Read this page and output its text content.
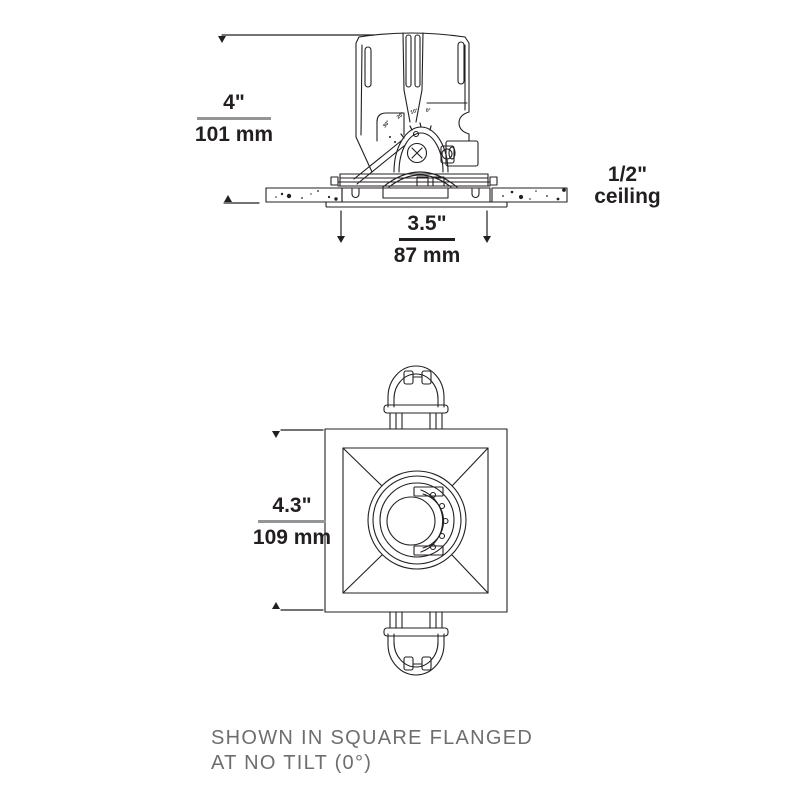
30°
20° 10° 0°
4"
101 mm
1/2"
ceiling
3.5"
87 mm
4.3"
109 mm
SHOWN IN SQUARE FLANGED
AT NO TILT (0°)
